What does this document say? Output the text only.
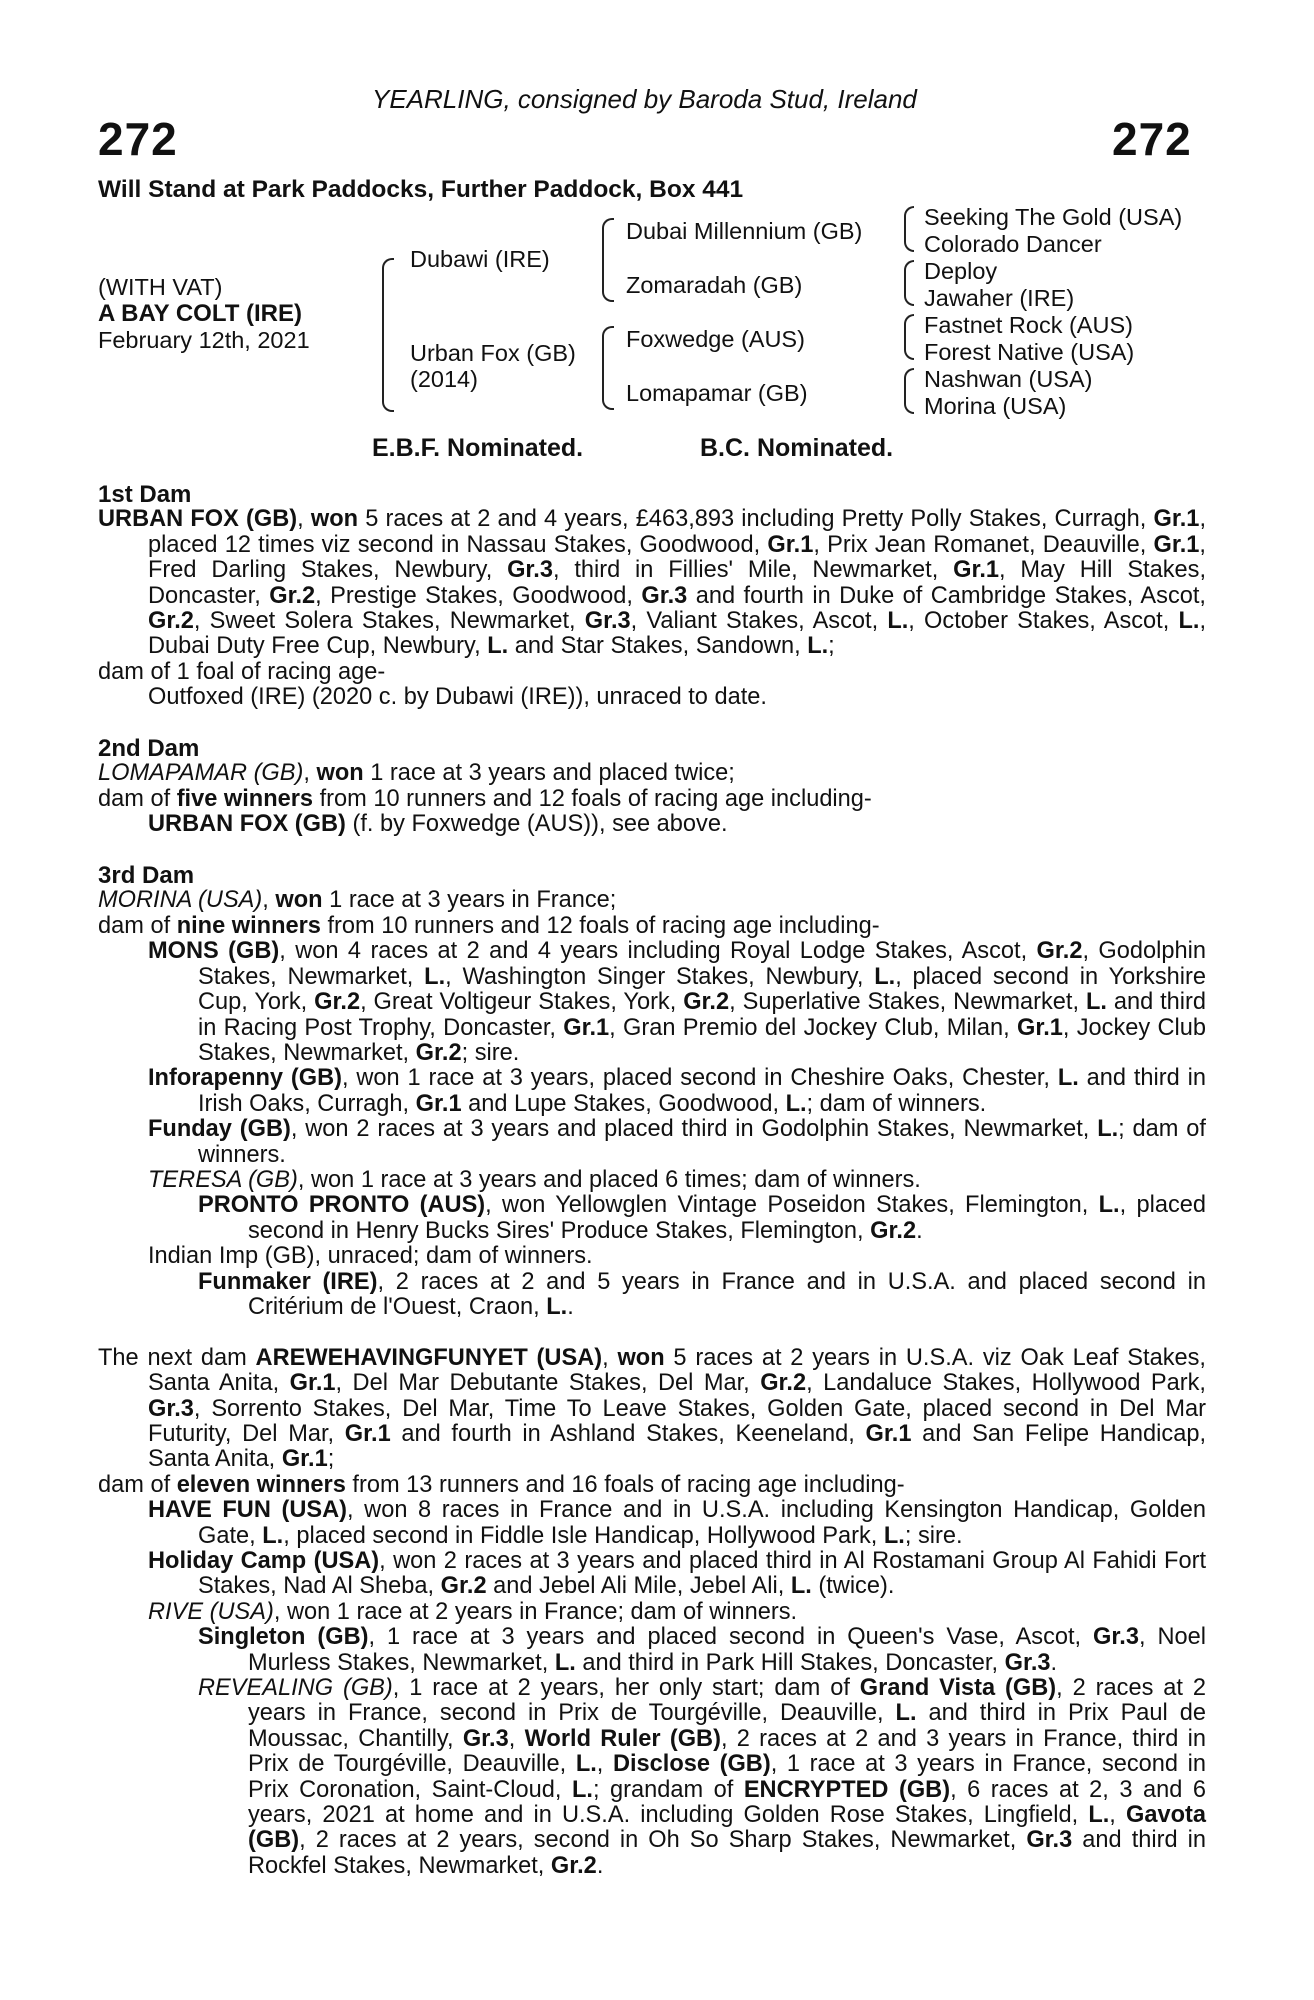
YEARLING, consigned by Baroda Stud, Ireland
272	272
Will Stand at Park Paddocks, Further Paddock, Box 441
(WITH VAT)
A BAY COLT (IRE)
February 12th, 2021
Dubawi (IRE)
Urban Fox (GB)
(2014)
Dubai Millennium (GB)
Zomaradah (GB)
Foxwedge (AUS)
Lomapamar (GB)
Seeking The Gold (USA)
Colorado Dancer
Deploy
Jawaher (IRE)
Fastnet Rock (AUS)
Forest Native (USA)
Nashwan (USA)
Morina (USA)
E.B.F. Nominated.	B.C. Nominated.
1st Dam

URBAN FOX (GB), won 5 races at 2 and 4 years, £463,893 including Pretty Polly Stakes, Curragh, Gr.1, placed 12 times viz second in Nassau Stakes, Goodwood, Gr.1, Prix Jean Romanet, Deauville, Gr.1, Fred Darling Stakes, Newbury, Gr.3, third in Fillies' Mile, Newmarket, Gr.1, May Hill Stakes, Doncaster, Gr.2, Prestige Stakes, Goodwood, Gr.3 and fourth in Duke of Cambridge Stakes, Ascot, Gr.2, Sweet Solera Stakes, Newmarket, Gr.3, Valiant Stakes, Ascot, L., October Stakes, Ascot, L., Dubai Duty Free Cup, Newbury, L. and Star Stakes, Sandown, L.;

dam of 1 foal of racing age-

Outfoxed (IRE) (2020 c. by Dubawi (IRE)), unraced to date.

2nd Dam

LOMAPAMAR (GB), won 1 race at 3 years and placed twice;

dam of five winners from 10 runners and 12 foals of racing age including-

URBAN FOX (GB) (f. by Foxwedge (AUS)), see above.

3rd Dam

MORINA (USA), won 1 race at 3 years in France;

dam of nine winners from 10 runners and 12 foals of racing age including-

MONS (GB), won 4 races at 2 and 4 years including Royal Lodge Stakes, Ascot, Gr.2, Godolphin Stakes, Newmarket, L., Washington Singer Stakes, Newbury, L., placed second in Yorkshire Cup, York, Gr.2, Great Voltigeur Stakes, York, Gr.2, Superlative Stakes, Newmarket, L. and third in Racing Post Trophy, Doncaster, Gr.1, Gran Premio del Jockey Club, Milan, Gr.1, Jockey Club Stakes, Newmarket, Gr.2; sire.

Inforapenny (GB), won 1 race at 3 years, placed second in Cheshire Oaks, Chester, L. and third in Irish Oaks, Curragh, Gr.1 and Lupe Stakes, Goodwood, L.; dam of winners.

Funday (GB), won 2 races at 3 years and placed third in Godolphin Stakes, Newmarket, L.; dam of winners.

TERESA (GB), won 1 race at 3 years and placed 6 times; dam of winners.

PRONTO PRONTO (AUS), won Yellowglen Vintage Poseidon Stakes, Flemington, L., placed second in Henry Bucks Sires' Produce Stakes, Flemington, Gr.2.

Indian Imp (GB), unraced; dam of winners.

Funmaker (IRE), 2 races at 2 and 5 years in France and in U.S.A. and placed second in Critérium de l'Ouest, Craon, L..

The next dam AREWEHAVINGFUNYET (USA), won 5 races at 2 years in U.S.A. viz Oak Leaf Stakes, Santa Anita, Gr.1, Del Mar Debutante Stakes, Del Mar, Gr.2, Landaluce Stakes, Hollywood Park, Gr.3, Sorrento Stakes, Del Mar, Time To Leave Stakes, Golden Gate, placed second in Del Mar Futurity, Del Mar, Gr.1 and fourth in Ashland Stakes, Keeneland, Gr.1 and San Felipe Handicap, Santa Anita, Gr.1;

dam of eleven winners from 13 runners and 16 foals of racing age including-

HAVE FUN (USA), won 8 races in France and in U.S.A. including Kensington Handicap, Golden Gate, L., placed second in Fiddle Isle Handicap, Hollywood Park, L.; sire.

Holiday Camp (USA), won 2 races at 3 years and placed third in Al Rostamani Group Al Fahidi Fort Stakes, Nad Al Sheba, Gr.2 and Jebel Ali Mile, Jebel Ali, L. (twice).

RIVE (USA), won 1 race at 2 years in France; dam of winners.

Singleton (GB), 1 race at 3 years and placed second in Queen's Vase, Ascot, Gr.3, Noel Murless Stakes, Newmarket, L. and third in Park Hill Stakes, Doncaster, Gr.3.

REVEALING (GB), 1 race at 2 years, her only start; dam of Grand Vista (GB), 2 races at 2 years in France, second in Prix de Tourgéville, Deauville, L. and third in Prix Paul de Moussac, Chantilly, Gr.3, World Ruler (GB), 2 races at 2 and 3 years in France, third in Prix de Tourgéville, Deauville, L., Disclose (GB), 1 race at 3 years in France, second in Prix Coronation, Saint-Cloud, L.; grandam of ENCRYPTED (GB), 6 races at 2, 3 and 6 years, 2021 at home and in U.S.A. including Golden Rose Stakes, Lingfield, L., Gavota (GB), 2 races at 2 years, second in Oh So Sharp Stakes, Newmarket, Gr.3 and third in Rockfel Stakes, Newmarket, Gr.2.
